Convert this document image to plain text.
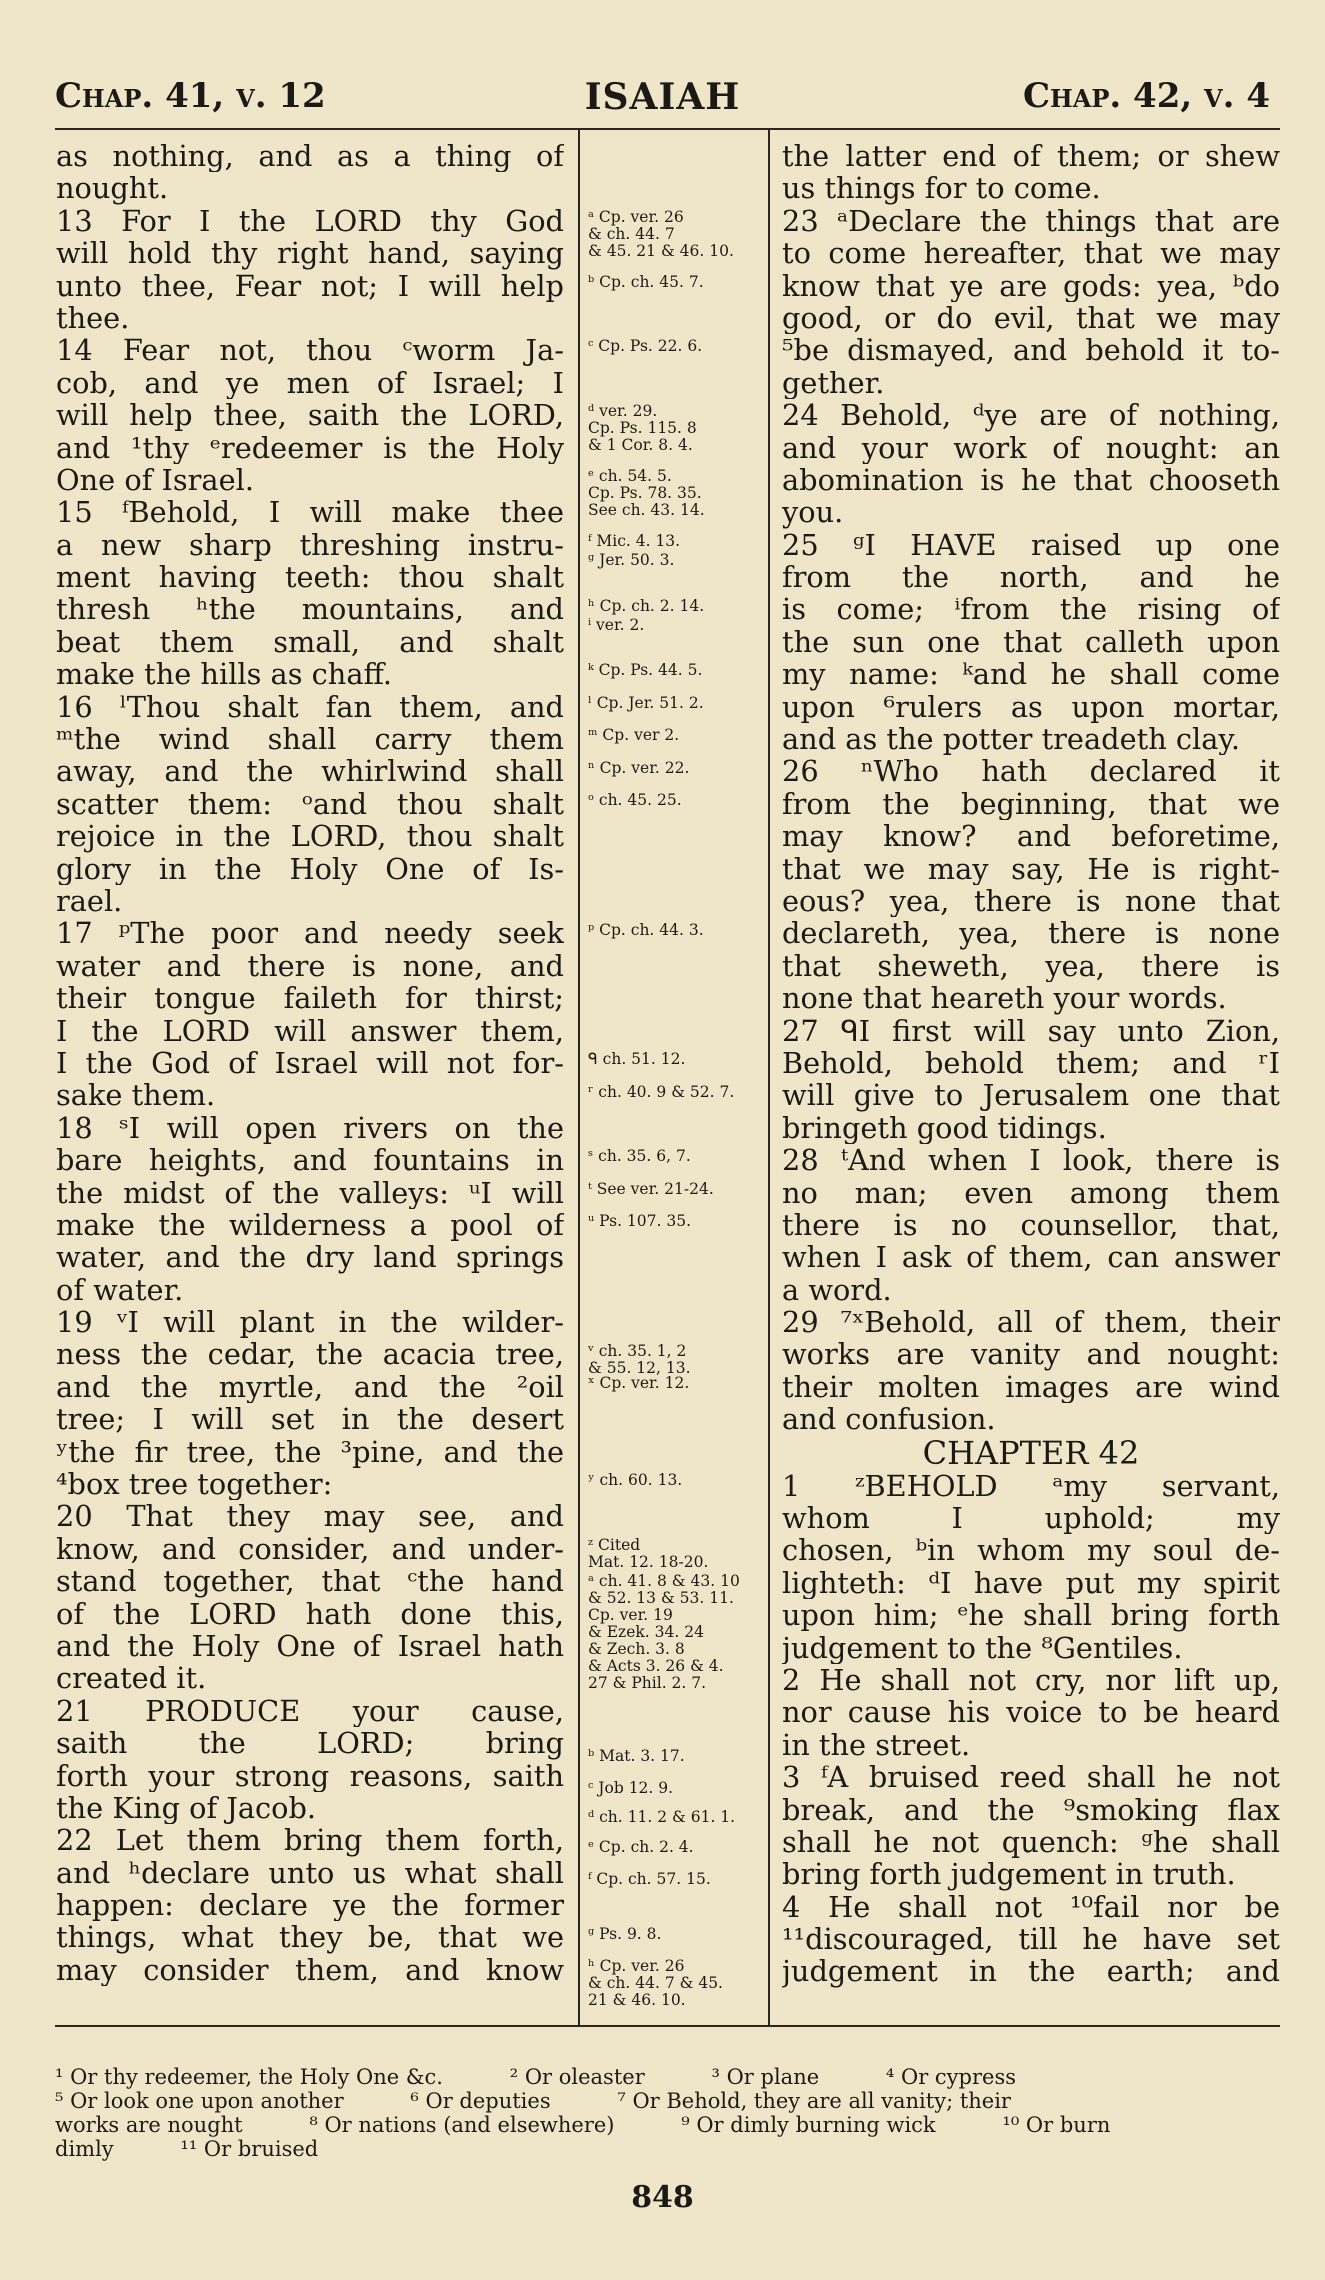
Chap. 41, v. 12	ISAIAH	Chap. 42, v. 4
as nothing, and as a thing of
nought.
13 For I the LORD thy God
will hold thy right hand, saying
unto thee, Fear not; I will help
thee.
14 Fear not, thou ᶜworm Ja-
cob, and ye men of Israel; I
will help thee, saith the LORD,
and ¹thy ᵉredeemer is the Holy
One of Israel.
15 ᶠBehold, I will make thee
a new sharp threshing instru-
ment having teeth: thou shalt
thresh ʰthe mountains, and
beat them small, and shalt
make the hills as chaff.
16 ˡThou shalt fan them, and
ᵐthe wind shall carry them
away, and the whirlwind shall
scatter them: ᵒand thou shalt
rejoice in the LORD, thou shalt
glory in the Holy One of Is-
rael.
17 ᵖThe poor and needy seek
water and there is none, and
their tongue faileth for thirst;
I the LORD will answer them,
I the God of Israel will not for-
sake them.
18 ˢI will open rivers on the
bare heights, and fountains in
the midst of the valleys: ᵘI will
make the wilderness a pool of
water, and the dry land springs
of water.
19 ᵛI will plant in the wilder-
ness the cedar, the acacia tree,
and the myrtle, and the ²oil
tree; I will set in the desert
ʸthe fir tree, the ³pine, and the
⁴box tree together:
20 That they may see, and
know, and consider, and under-
stand together, that ᶜthe hand
of the LORD hath done this,
and the Holy One of Israel hath
created it.
21 PRODUCE your cause,
saith the LORD; bring
forth your strong reasons, saith
the King of Jacob.
22 Let them bring them forth,
and ʰdeclare unto us what shall
happen: declare ye the former
things, what they be, that we
may consider them, and know
ᵃ Cp. ver. 26
& ch. 44. 7
& 45. 21 & 46. 10.
ᵇ Cp. ch. 45. 7.
ᶜ Cp. Ps. 22. 6.
ᵈ ver. 29.
Cp. Ps. 115. 8
& 1 Cor. 8. 4.
ᵉ ch. 54. 5.
Cp. Ps. 78. 35.
See ch. 43. 14.
ᶠ Mic. 4. 13.
ᵍ Jer. 50. 3.
ʰ Cp. ch. 2. 14.
ⁱ ver. 2.
ᵏ Cp. Ps. 44. 5.
ˡ Cp. Jer. 51. 2.
ᵐ Cp. ver 2.
ⁿ Cp. ver. 22.
ᵒ ch. 45. 25.
ᵖ Cp. ch. 44. 3.
ᑫ ch. 51. 12.
ʳ ch. 40. 9 & 52. 7.
ˢ ch. 35. 6, 7.
ᵗ See ver. 21-24.
ᵘ Ps. 107. 35.
ᵛ ch. 35. 1, 2
& 55. 12, 13.
ˣ Cp. ver. 12.
ʸ ch. 60. 13.
ᶻ Cited
Mat. 12. 18-20.
ᵃ ch. 41. 8 & 43. 10
& 52. 13 & 53. 11.
Cp. ver. 19
& Ezek. 34. 24
& Zech. 3. 8
& Acts 3. 26 & 4.
27 & Phil. 2. 7.
ᵇ Mat. 3. 17.
ᶜ Job 12. 9.
ᵈ ch. 11. 2 & 61. 1.
ᵉ Cp. ch. 2. 4.
ᶠ Cp. ch. 57. 15.
ᵍ Ps. 9. 8.
ʰ Cp. ver. 26
& ch. 44. 7 & 45.
21 & 46. 10.
the latter end of them; or shew
us things for to come.
23 ᵃDeclare the things that are
to come hereafter, that we may
know that ye are gods: yea, ᵇdo
good, or do evil, that we may
⁵be dismayed, and behold it to-
gether.
24 Behold, ᵈye are of nothing,
and your work of nought: an
abomination is he that chooseth
you.
25 ᵍI HAVE raised up one
from the north, and he
is come; ⁱfrom the rising of
the sun one that calleth upon
my name: ᵏand he shall come
upon ⁶rulers as upon mortar,
and as the potter treadeth clay.
26 ⁿWho hath declared it
from the beginning, that we
may know? and beforetime,
that we may say, He is right-
eous? yea, there is none that
declareth, yea, there is none
that sheweth, yea, there is
none that heareth your words.
27 ᑫI first will say unto Zion,
Behold, behold them; and ʳI
will give to Jerusalem one that
bringeth good tidings.
28 ᵗAnd when I look, there is
no man; even among them
there is no counsellor, that,
when I ask of them, can answer
a word.
29 ⁷ˣBehold, all of them, their
works are vanity and nought:
their molten images are wind
and confusion.
CHAPTER 42
1 ᶻBEHOLD ᵃmy servant,
whom I uphold; my
chosen, ᵇin whom my soul de-
lighteth: ᵈI have put my spirit
upon him; ᵉhe shall bring forth
judgement to the ⁸Gentiles.
2 He shall not cry, nor lift up,
nor cause his voice to be heard
in the street.
3 ᶠA bruised reed shall he not
break, and the ⁹smoking flax
shall he not quench: ᵍhe shall
bring forth judgement in truth.
4 He shall not ¹⁰fail nor be
¹¹discouraged, till he have set
judgement in the earth; and
¹ Or thy redeemer, the Holy One &c.          ² Or oleaster          ³ Or plane          ⁴ Or cypress
⁵ Or look one upon another          ⁶ Or deputies          ⁷ Or Behold, they are all vanity; their
works are nought          ⁸ Or nations (and elsewhere)          ⁹ Or dimly burning wick          ¹⁰ Or burn
dimly          ¹¹ Or bruised
848
